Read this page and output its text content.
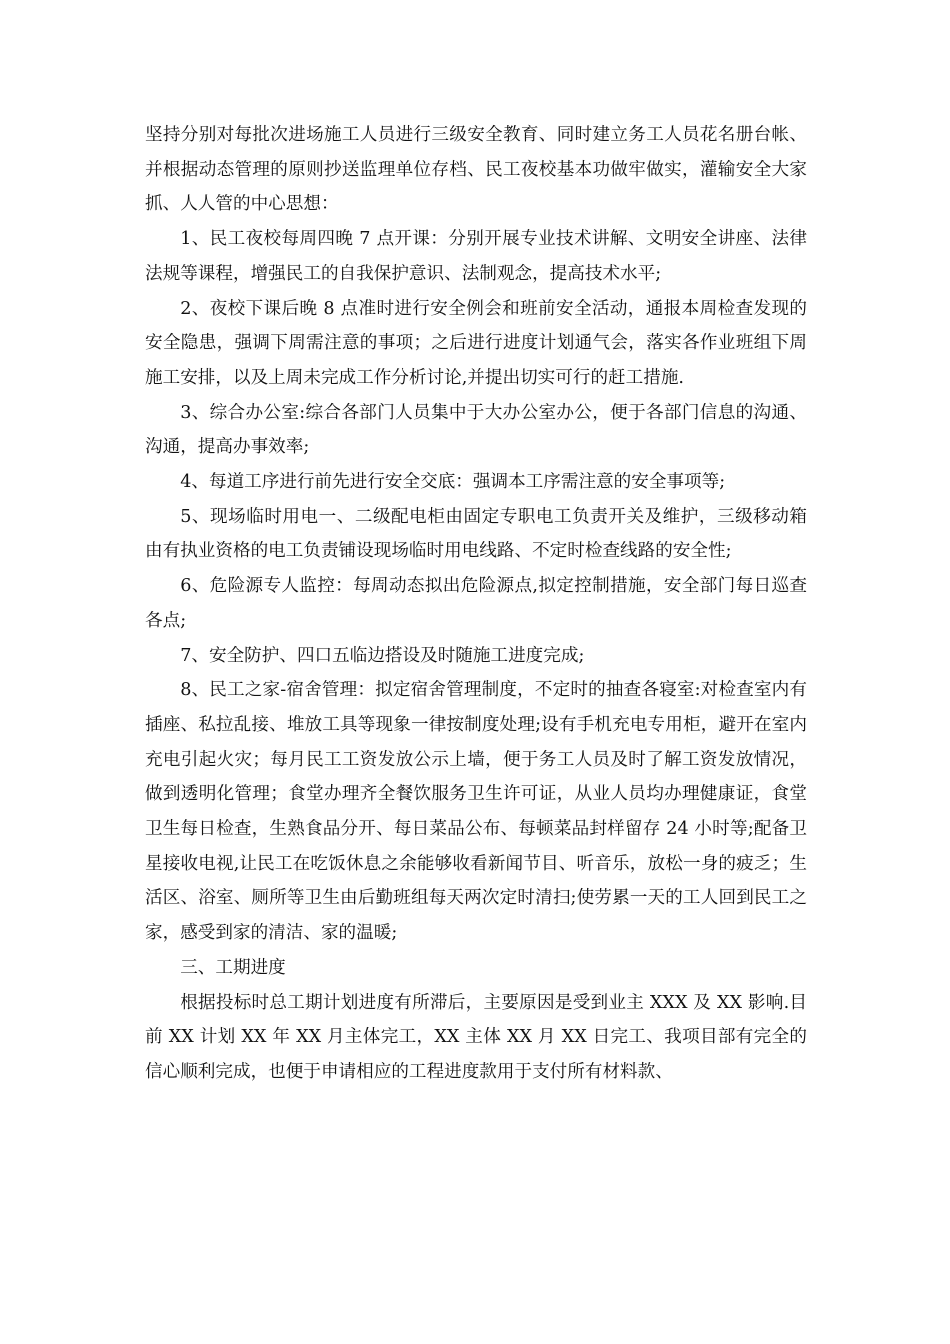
坚持分别对每批次进场施工人员进行三级安全教育、同时建立务工人员花名册台帐、并根据动态管理的原则抄送监理单位存档、民工夜校基本功做牢做实，灌输安全大家抓、人人管的中心思想：

1、民工夜校每周四晚 7 点开课：分别开展专业技术讲解、文明安全讲座、法律法规等课程，增强民工的自我保护意识、法制观念，提高技术水平;

2、夜校下课后晚 8 点准时进行安全例会和班前安全活动，通报本周检查发现的安全隐患，强调下周需注意的事项；之后进行进度计划通气会，落实各作业班组下周施工安排，以及上周未完成工作分析讨论,并提出切实可行的赶工措施.

3、综合办公室:综合各部门人员集中于大办公室办公，便于各部门信息的沟通、沟通，提高办事效率;

4、每道工序进行前先进行安全交底：强调本工序需注意的安全事项等;

5、现场临时用电一、二级配电柜由固定专职电工负责开关及维护，三级移动箱由有执业资格的电工负责铺设现场临时用电线路、不定时检查线路的安全性;

6、危险源专人监控：每周动态拟出危险源点,拟定控制措施，安全部门每日巡查各点;

7、安全防护、四口五临边搭设及时随施工进度完成;

8、民工之家-宿舍管理：拟定宿舍管理制度，不定时的抽查各寝室:对检查室内有插座、私拉乱接、堆放工具等现象一律按制度处理;设有手机充电专用柜，避开在室内充电引起火灾；每月民工工资发放公示上墙，便于务工人员及时了解工资发放情况，做到透明化管理；食堂办理齐全餐饮服务卫生许可证，从业人员均办理健康证，食堂卫生每日检查，生熟食品分开、每日菜品公布、每顿菜品封样留存 24 小时等;配备卫星接收电视,让民工在吃饭休息之余能够收看新闻节目、听音乐，放松一身的疲乏；生活区、浴室、厕所等卫生由后勤班组每天两次定时清扫;使劳累一天的工人回到民工之家，感受到家的清洁、家的温暖;

三、工期进度

根据投标时总工期计划进度有所滞后，主要原因是受到业主 XXX 及 XX 影响.目前 XX 计划 XX 年 XX 月主体完工，XX 主体 XX 月 XX 日完工、我项目部有完全的信心顺利完成，也便于申请相应的工程进度款用于支付所有材料款、
